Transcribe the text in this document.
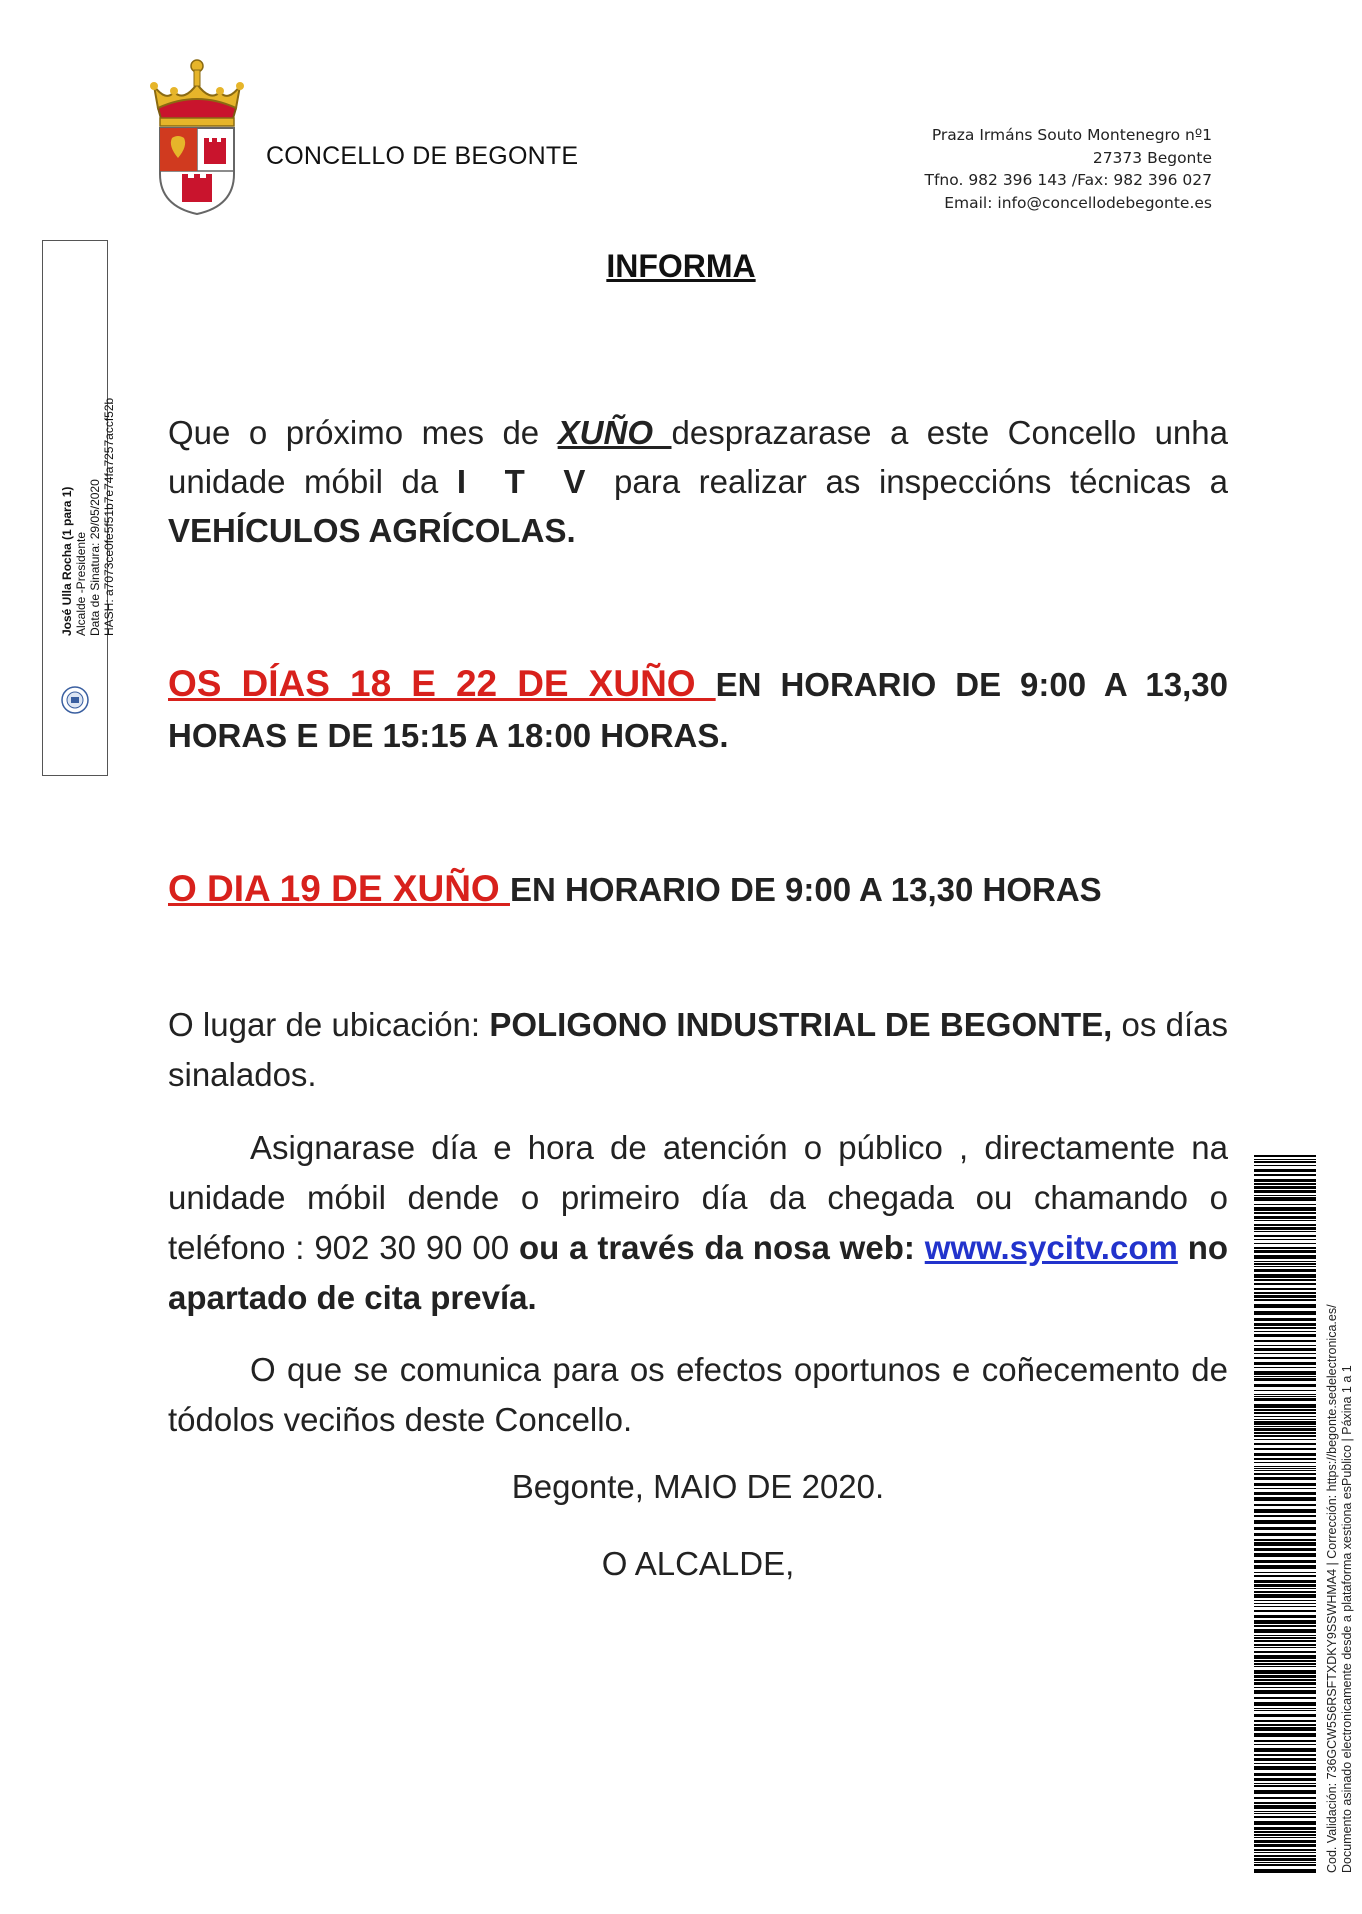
CONCELLO DE BEGONTE
Praza Irmáns Souto Montenegro nº1
27373 Begonte
Tfno. 982 396 143 /Fax: 982 396 027
Email: info@concellodebegonte.es
José Ulla Rocha (1 para 1) Alcalde -Presidente Data de Sinatura: 29/05/2020 HASH: a7073ce0fe5f51b7e74fa7257accf52b
INFORMA
Que o próximo mes de XUÑO desprazarase a este Concello unha unidade móbil da I T V para realizar as inspeccións técnicas a VEHÍCULOS AGRÍCOLAS.
OS DÍAS 18 E 22 DE XUÑO EN HORARIO DE 9:00 A 13,30 HORAS E DE 15:15 A 18:00 HORAS.
O DIA 19 DE XUÑO EN HORARIO DE 9:00 A 13,30 HORAS
O lugar de ubicación: POLIGONO INDUSTRIAL DE BEGONTE, os días sinalados.
Asignarase día e hora de atención o público , directamente na unidade móbil dende o primeiro día da chegada ou chamando o teléfono : 902 30 90 00 ou a través da nosa web: www.sycitv.com no apartado de cita prevía.
O que se comunica para os efectos oportunos e coñecemento de tódolos veciños deste Concello.
Begonte, MAIO DE 2020.
O ALCALDE,	Cod. Validación: 736GCW5S6RSFTXDKY9SSWHMA4 | Corrección: https://begonte.sedelectronica.es/ Documento asinado electronicamente desde a plataforma xestiona esPublico | Páxina 1 a 1
